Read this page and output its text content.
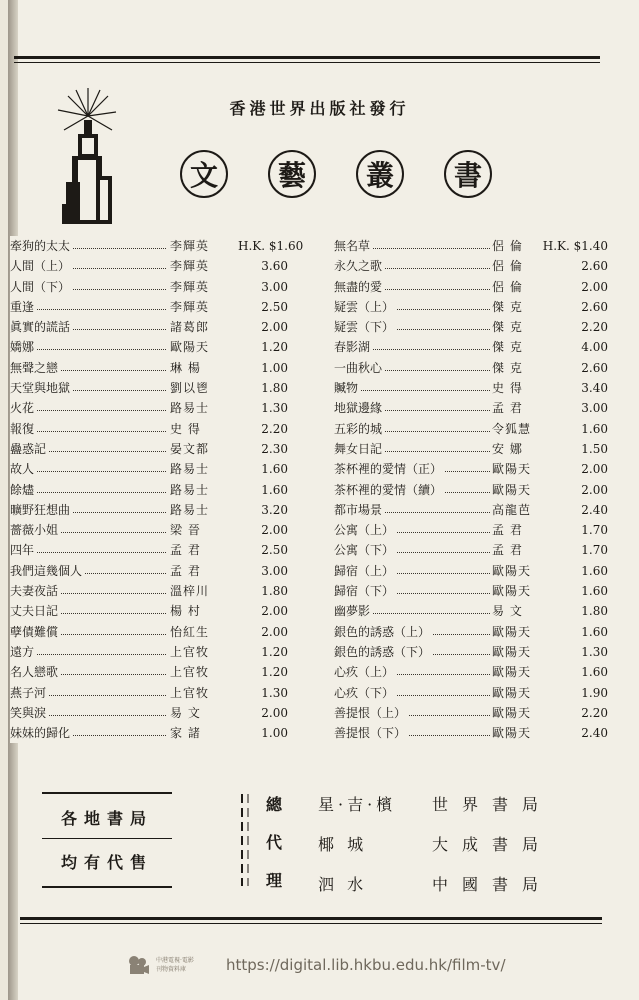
香港世界出版社發行
文	藝	叢	書
牽狗的太太	李輝英	H.K. $1.60
人間（上）	李輝英	3.60
人間（下）	李輝英	3.00
重逢	李輝英	2.50
眞實的謊話	諸葛郎	2.00
嬌娜	歐陽天	1.20
無聲之戀	琳 楊	1.00
天堂與地獄	劉以鬯	1.80
火花	路易士	1.30
報復	史 得	2.20
蠱惑記	晏文都	2.30
故人	路易士	1.60
餘燼	路易士	1.60
曠野狂想曲	路易士	3.20
薔薇小姐	梁 晉	2.00
四年	孟 君	2.50
我們這幾個人	孟 君	3.00
夫妻夜話	溫梓川	1.80
丈夫日記	楊 村	2.00
孽債難償	怡紅生	2.00
遠方	上官牧	1.20
名人戀歌	上官牧	1.20
燕子河	上官牧	1.30
笑與淚	易 文	2.00
妹妹的歸化	家 諸	1.00
無名草	侶 倫	H.K. $1.40
永久之歌	侶 倫	2.60
無盡的愛	侶 倫	2.00
疑雲（上）	傑 克	2.60
疑雲（下）	傑 克	2.20
春影湖	傑 克	4.00
一曲秋心	傑 克	2.60
贓物	史 得	3.40
地獄邊緣	孟 君	3.00
五彩的城	令狐慧	1.60
舞女日記	安 娜	1.50
茶杯裡的愛情（正）	歐陽天	2.00
茶杯裡的愛情（續）	歐陽天	2.00
都市場景	高龍芭	2.40
公寓（上）	孟 君	1.70
公寓（下）	孟 君	1.70
歸宿（上）	歐陽天	1.60
歸宿（下）	歐陽天	1.60
幽夢影	易 文	1.80
銀色的誘惑（上）	歐陽天	1.60
銀色的誘惑（下）	歐陽天	1.30
心疚（上）	歐陽天	1.60
心疚（下）	歐陽天	1.90
善提恨（上）	歐陽天	2.20
善提恨（下）	歐陽天	2.40
各地書局
均有代售
總
代
理
星·吉·檳 世界書局
椰 城	大成書局
泗 水	中國書局
中港電視·電影
刊物資料庫	https://digital.lib.hkbu.edu.hk/film-tv/
